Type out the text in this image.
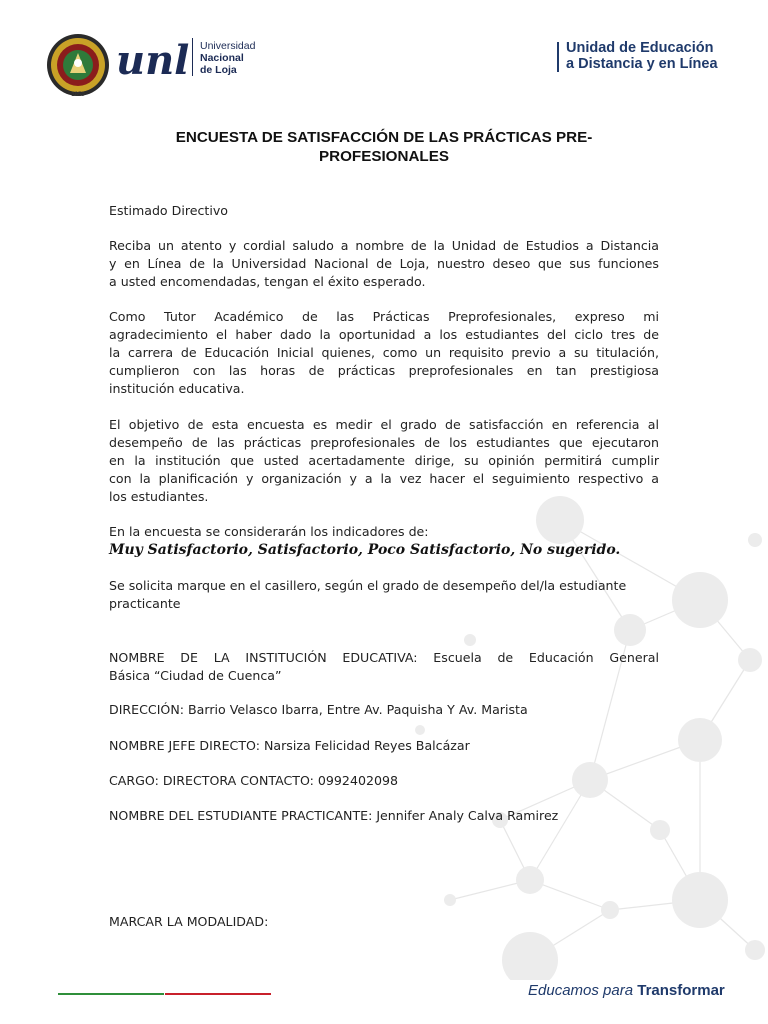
1859
unl Universidad
Nacional
de Loja
Unidad de Educación
a Distancia y en Línea
ENCUESTA DE SATISFACCIÓN DE LAS PRÁCTICAS PRE-
PROFESIONALES
Estimado Directivo
Reciba un atento y cordial saludo a nombre de la Unidad de Estudios a Distancia
y en Línea de la Universidad Nacional de Loja, nuestro deseo que sus funciones
a usted encomendadas, tengan el éxito esperado.
Como Tutor Académico de las Prácticas Preprofesionales, expreso mi
agradecimiento el haber dado la oportunidad a los estudiantes del ciclo tres de
la carrera de Educación Inicial quienes, como un requisito previo a su titulación,
cumplieron con las horas de prácticas preprofesionales en tan prestigiosa
institución educativa.
El objetivo de esta encuesta es medir el grado de satisfacción en referencia al
desempeño de las prácticas preprofesionales de los estudiantes que ejecutaron
en la institución que usted acertadamente dirige, su opinión permitirá cumplir
con la planificación y organización y a la vez hacer el seguimiento respectivo a
los estudiantes.
En la encuesta se considerarán los indicadores de:
Muy Satisfactorio, Satisfactorio, Poco Satisfactorio, No sugerido.
Se solicita marque en el casillero, según el grado de desempeño del/la estudiante
practicante
NOMBRE DE LA INSTITUCIÓN EDUCATIVA: Escuela de Educación General
Básica “Ciudad de Cuenca”
DIRECCIÓN: Barrio Velasco Ibarra, Entre Av. Paquisha Y Av. Marista
NOMBRE JEFE DIRECTO: Narsiza Felicidad Reyes Balcázar
CARGO: DIRECTORA CONTACTO: 0992402098
NOMBRE DEL ESTUDIANTE PRACTICANTE: Jennifer Analy Calva Ramirez
MARCAR LA MODALIDAD:
Educamos para Transformar
